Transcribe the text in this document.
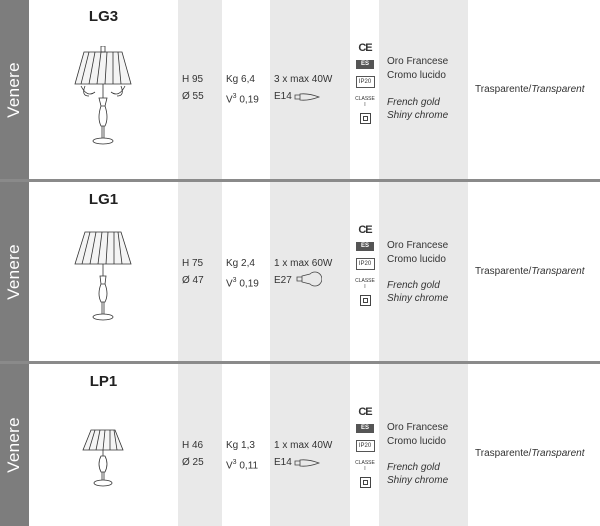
Venere
LG3
H 95
Ø 55
Kg 6,4
$V^3$ 0,19
3 x max 40W
E14
CE
ES
IP20
CLASSE I
Oro Francese
Cromo lucido
French gold
Shiny chrome
Trasparente/Transparent
Venere
LG1
H 75
Ø 47
Kg 2,4
$V^3$ 0,19
1 x max 60W
E27
CE
ES
IP20
CLASSE I
Oro Francese
Cromo lucido
French gold
Shiny chrome
Trasparente/Transparent
Venere
LP1
H 46
Ø 25
Kg 1,3
$V^3$ 0,11
1 x max 40W
E14
CE
ES
IP20
CLASSE I
Oro Francese
Cromo lucido
French gold
Shiny chrome
Trasparente/Transparent
